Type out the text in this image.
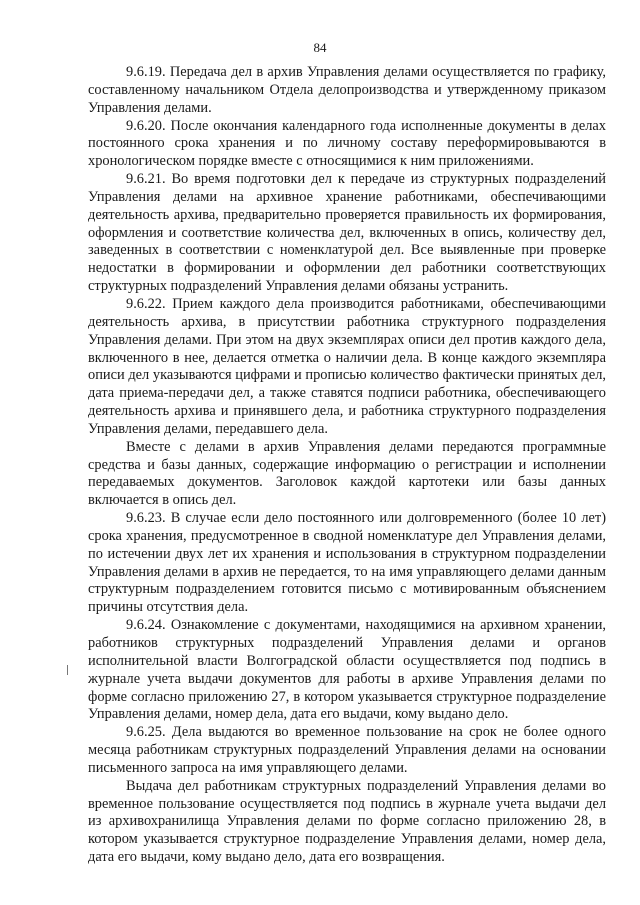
84

9.6.19. Передача дел в архив Управления делами осуществляется по графику, составленному начальником Отдела делопроизводства и утвержденному приказом Управления делами.

9.6.20. После окончания календарного года исполненные документы в делах постоянного срока хранения и по личному составу переформировываются в хронологическом порядке вместе с относящимися к ним приложениями.

9.6.21. Во время подготовки дел к передаче из структурных подразделений Управления делами на архивное хранение работниками, обеспечивающими деятельность архива, предварительно проверяется правильность их формирования, оформления и соответствие количества дел, включенных в опись, количеству дел, заведенных в соответствии с номенклатурой дел. Все выявленные при проверке недостатки в формировании и оформлении дел работники соответствующих структурных подразделений Управления делами обязаны устранить.

9.6.22. Прием каждого дела производится работниками, обеспечивающими деятельность архива, в присутствии работника структурного подразделения Управления делами. При этом на двух экземплярах описи дел против каждого дела, включенного в нее, делается отметка о наличии дела. В конце каждого экземпляра описи дел указываются цифрами и прописью количество фактически принятых дел, дата приема-передачи дел, а также ставятся подписи работника, обеспечивающего деятельность архива и принявшего дела, и работника структурного подразделения Управления делами, передавшего дела.

Вместе с делами в архив Управления делами передаются программные средства и базы данных, содержащие информацию о регистрации и исполнении передаваемых документов. Заголовок каждой картотеки или базы данных включается в опись дел.

9.6.23. В случае если дело постоянного или долговременного (более 10 лет) срока хранения, предусмотренное в сводной номенклатуре дел Управления делами, по истечении двух лет их хранения и использования в структурном подразделении Управления делами в архив не передается, то на имя управляющего делами данным структурным подразделением готовится письмо с мотивированным объяснением причины отсутствия дела.

9.6.24. Ознакомление с документами, находящимися на архивном хранении, работников структурных подразделений Управления делами и органов исполнительной власти Волгоградской области осуществляется под подпись в журнале учета выдачи документов для работы в архиве Управления делами по форме согласно приложению 27, в котором указывается структурное подразделение Управления делами, номер дела, дата его выдачи, кому выдано дело.

9.6.25. Дела выдаются во временное пользование на срок не более одного месяца работникам структурных подразделений Управления делами на основании письменного запроса на имя управляющего делами.

Выдача дел работникам структурных подразделений Управления делами во временное пользование осуществляется под подпись в журнале учета выдачи дел из архивохранилища Управления делами по форме согласно приложению 28, в котором указывается структурное подразделение Управления делами, номер дела, дата его выдачи, кому выдано дело, дата его возвращения.
